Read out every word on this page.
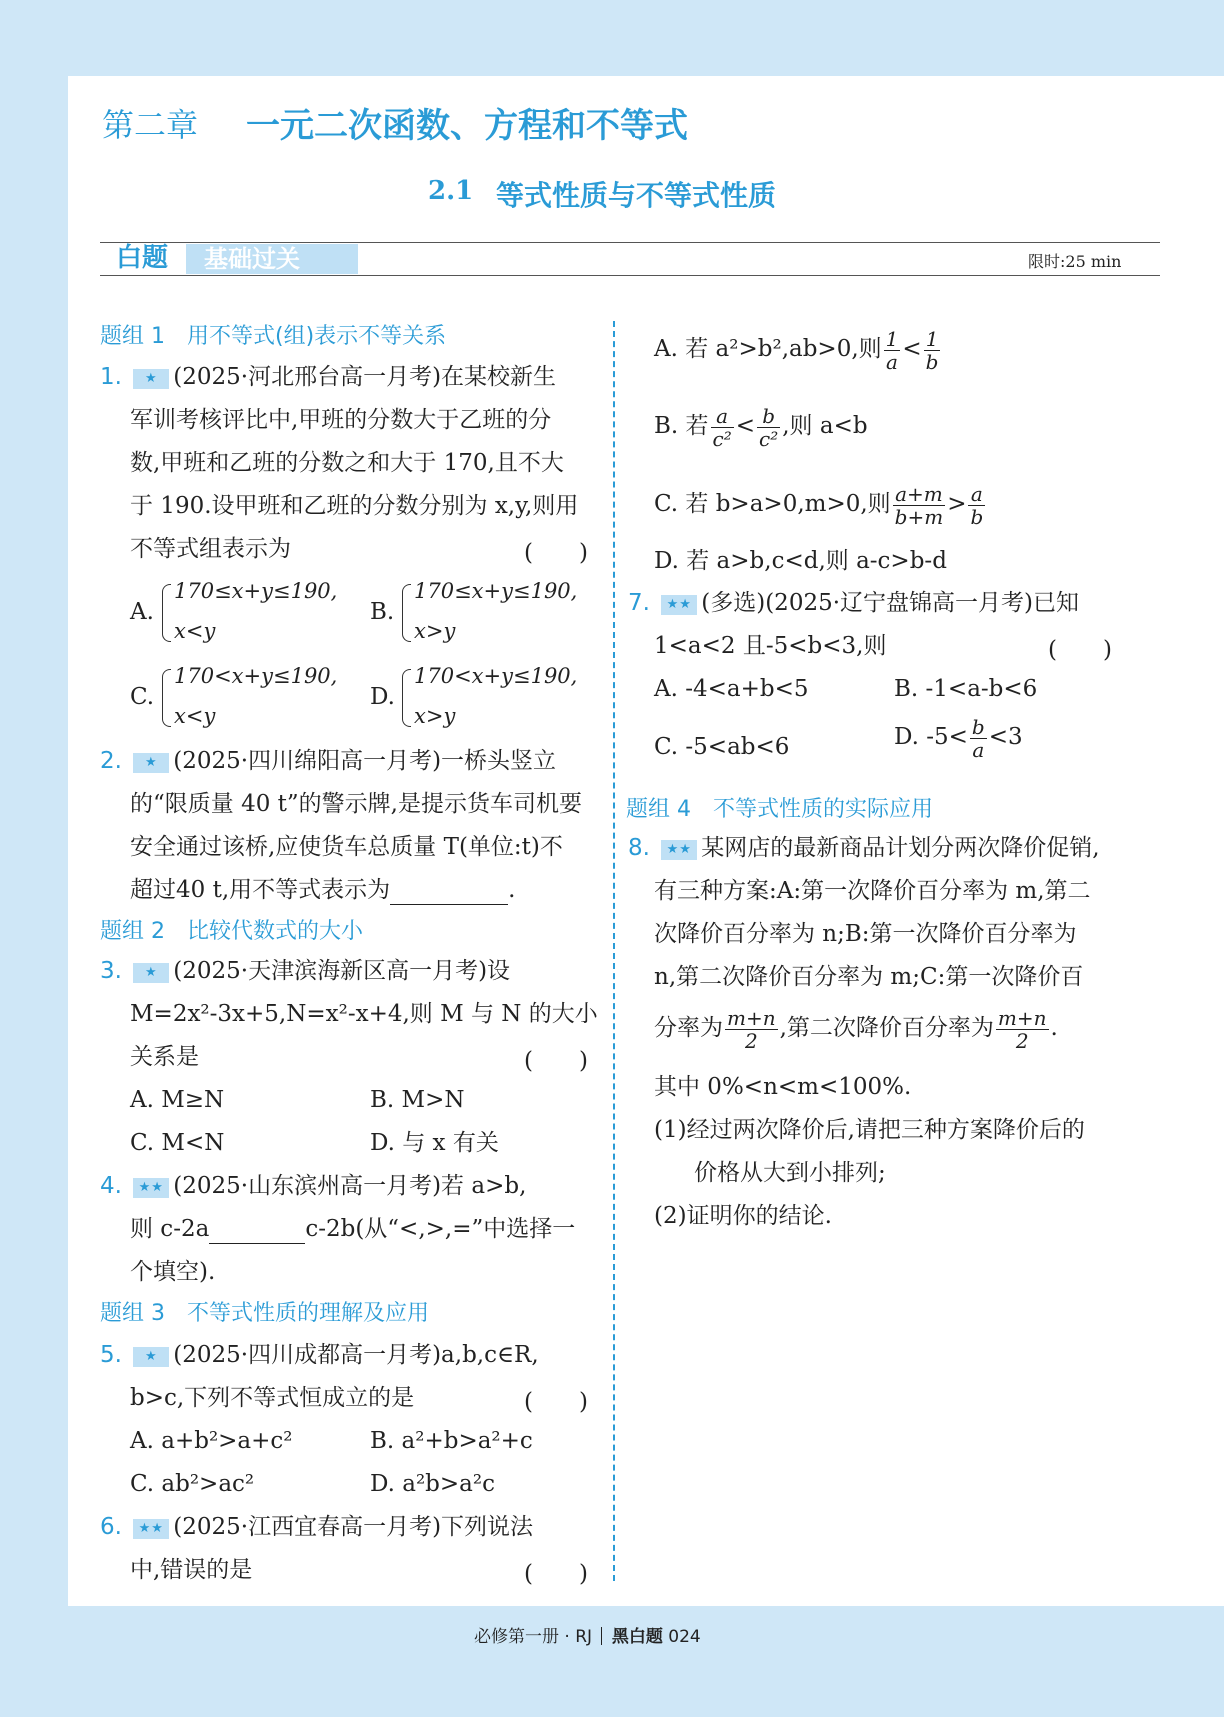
第二章 一元二次函数、方程和不等式
2.1 等式性质与不等式性质
白题	基础过关	限时:25 min
题组 1 用不等式(组)表示不等关系
1. ★ (2025·河北邢台高一月考)在某校新生
军训考核评比中,甲班的分数大于乙班的分
数,甲班和乙班的分数之和大于 170,且不大
于 190.设甲班和乙班的分数分别为 x,y,则用
不等式组表示为	(　　)
A.
170≤x+y≤190,
x<y
B.
170≤x+y≤190,
x>y
C.
170<x+y≤190,
x<y
D.
170<x+y≤190,
x>y
2. ★ (2025·四川绵阳高一月考)一桥头竖立
的“限质量 40 t”的警示牌,是提示货车司机要
安全通过该桥,应使货车总质量 T(单位:t)不
超过40 t,用不等式表示为	.
题组 2 比较代数式的大小
3. ★ (2025·天津滨海新区高一月考)设
M=2x²-3x+5,N=x²-x+4,则 M 与 N 的大小
关系是	(　　)
A. M≥N	B. M>N
C. M<N	D. 与 x 有关
4. ★★ (2025·山东滨州高一月考)若 a>b,
则 c-2a	c-2b(从“<,>,=”中选择一
个填空).
题组 3 不等式性质的理解及应用
5. ★ (2025·四川成都高一月考)a,b,c∈R,
b>c,下列不等式恒成立的是	(　　)
A. a+b²>a+c²	B. a²+b>a²+c
C. ab²>ac²	D. a²b>a²c
6. ★★ (2025·江西宜春高一月考)下列说法
中,错误的是	(　　)
A. 若 a²>b²,ab>0,则 $\frac{1}{a} < \frac{1}{b}$
B. 若 $\frac{a}{\text{c²}} < \frac{b}{\text{c²}}$ ,则 a<b
C. 若 b>a>0,m>0,则 $\frac{a+m}{b+m} > \frac{a}{b}$
D. 若 a>b,c<d,则 a-c>b-d
7. ★★ (多选)(2025·辽宁盘锦高一月考)已知
1<a<2 且-5<b<3,则	(　　)
A. -4<a+b<5	B. -1<a-b<6
C. -5<ab<6	D. $-5< \frac{b}{a} <3$
题组 4 不等式性质的实际应用
8. ★★ 某网店的最新商品计划分两次降价促销,
有三种方案:A:第一次降价百分率为 m,第二
次降价百分率为 n;B:第一次降价百分率为
n,第二次降价百分率为 m;C:第一次降价百
分率为 $\frac{m+n}{2}$ ,第二次降价百分率为 $\frac{m+n}{2}$ .
其中 0%<n<m<100%.
(1)经过两次降价后,请把三种方案降价后的
价格从大到小排列;
(2)证明你的结论.
必修第一册 · RJ 黑白题 024
